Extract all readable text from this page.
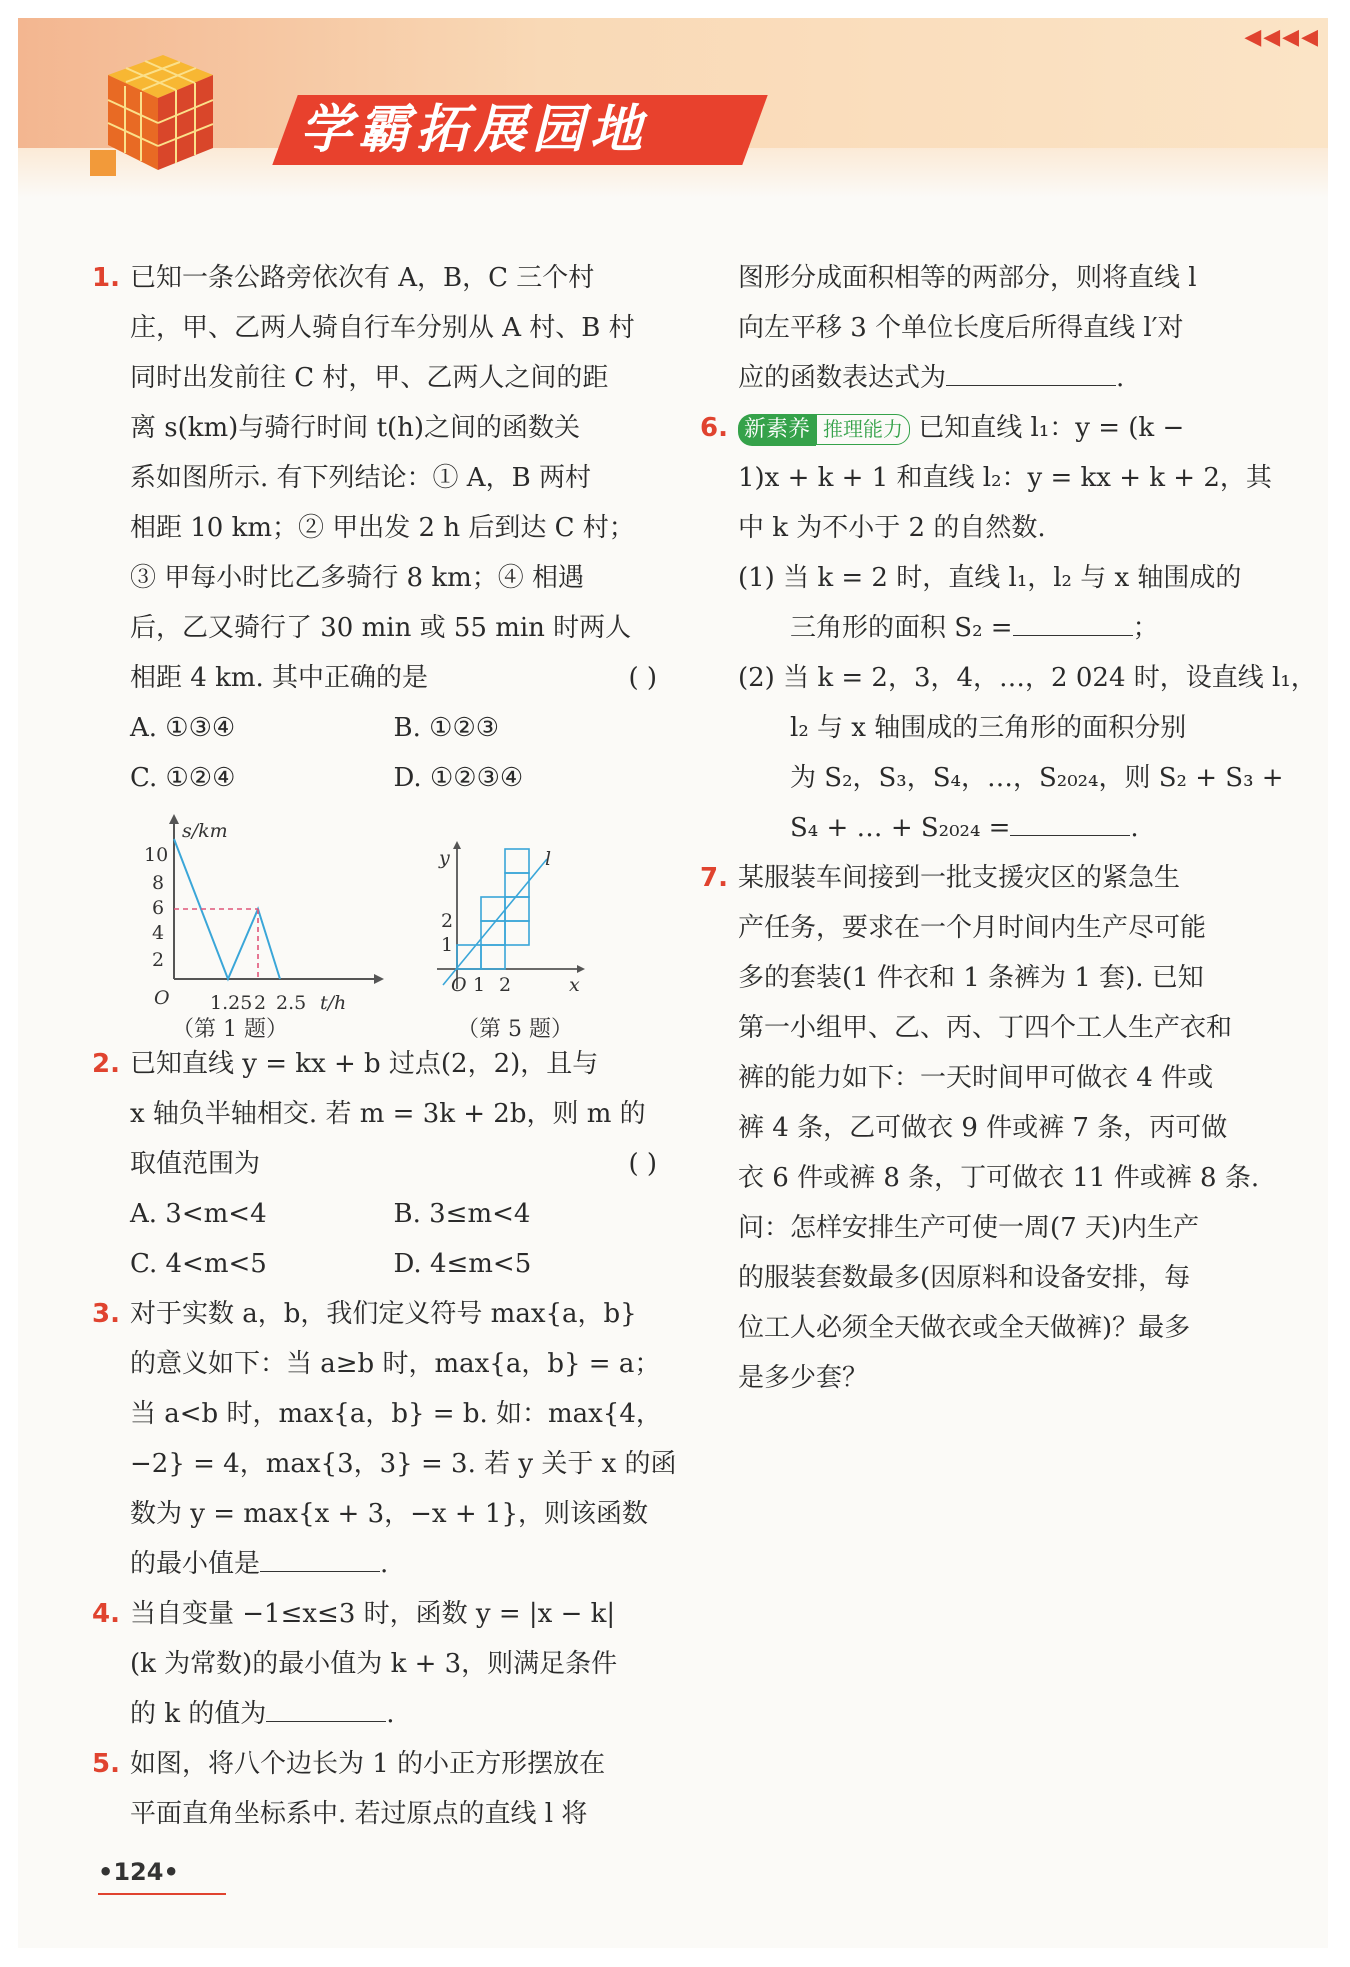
学霸拓展园地
◀◀◀◀
1. 已知一条公路旁依次有 A，B，C 三个村
庄，甲、乙两人骑自行车分别从 A 村、B 村
同时出发前往 C 村，甲、乙两人之间的距
离 s(km)与骑行时间 t(h)之间的函数关
系如图所示. 有下列结论：① A，B 两村
相距 10 km；② 甲出发 2 h 后到达 C 村；
③ 甲每小时比乙多骑行 8 km；④ 相遇
后，乙又骑行了 30 min 或 55 min 时两人
相距 4 km. 其中正确的是	( )
A. ①③④	B. ①②③
C. ①②④	D. ①②③④
s/km
O
10
8
6
4
2
1.25 2 2.5 t/h
（第 1 题）
y	l
2
1
O 1 2	x
（第 5 题）
2. 已知直线 y = kx + b 过点(2，2)，且与
x 轴负半轴相交. 若 m = 3k + 2b，则 m 的
取值范围为	( )
A. 3<m<4	B. 3≤m<4
C. 4<m<5	D. 4≤m<5
3. 对于实数 a，b，我们定义符号 max{a，b}
的意义如下：当 a≥b 时，max{a，b} = a；
当 a<b 时，max{a，b} = b. 如：max{4，
−2} = 4，max{3，3} = 3. 若 y 关于 x 的函
数为 y = max{x + 3，−x + 1}，则该函数
的最小值是	.
4. 当自变量 −1≤x≤3 时，函数 y = |x − k|
(k 为常数)的最小值为 k + 3，则满足条件
的 k 的值为	.
5. 如图，将八个边长为 1 的小正方形摆放在
平面直角坐标系中. 若过原点的直线 l 将
图形分成面积相等的两部分，则将直线 l
向左平移 3 个单位长度后所得直线 l′对
应的函数表达式为	.
6. 新素养 推理能力 已知直线 l₁：y = (k −
1)x + k + 1 和直线 l₂：y = kx + k + 2，其
中 k 为不小于 2 的自然数.
(1) 当 k = 2 时，直线 l₁，l₂ 与 x 轴围成的
三角形的面积 S₂ =	；
(2) 当 k = 2，3，4，…，2 024 时，设直线 l₁，
l₂ 与 x 轴围成的三角形的面积分别
为 S₂，S₃，S₄，…，S₂₀₂₄，则 S₂ + S₃ +
S₄ + … + S₂₀₂₄ =	.
7. 某服装车间接到一批支援灾区的紧急生
产任务，要求在一个月时间内生产尽可能
多的套装(1 件衣和 1 条裤为 1 套). 已知
第一小组甲、乙、丙、丁四个工人生产衣和
裤的能力如下：一天时间甲可做衣 4 件或
裤 4 条，乙可做衣 9 件或裤 7 条，丙可做
衣 6 件或裤 8 条，丁可做衣 11 件或裤 8 条.
问：怎样安排生产可使一周(7 天)内生产
的服装套数最多(因原料和设备安排，每
位工人必须全天做衣或全天做裤)？最多
是多少套？
•124•
